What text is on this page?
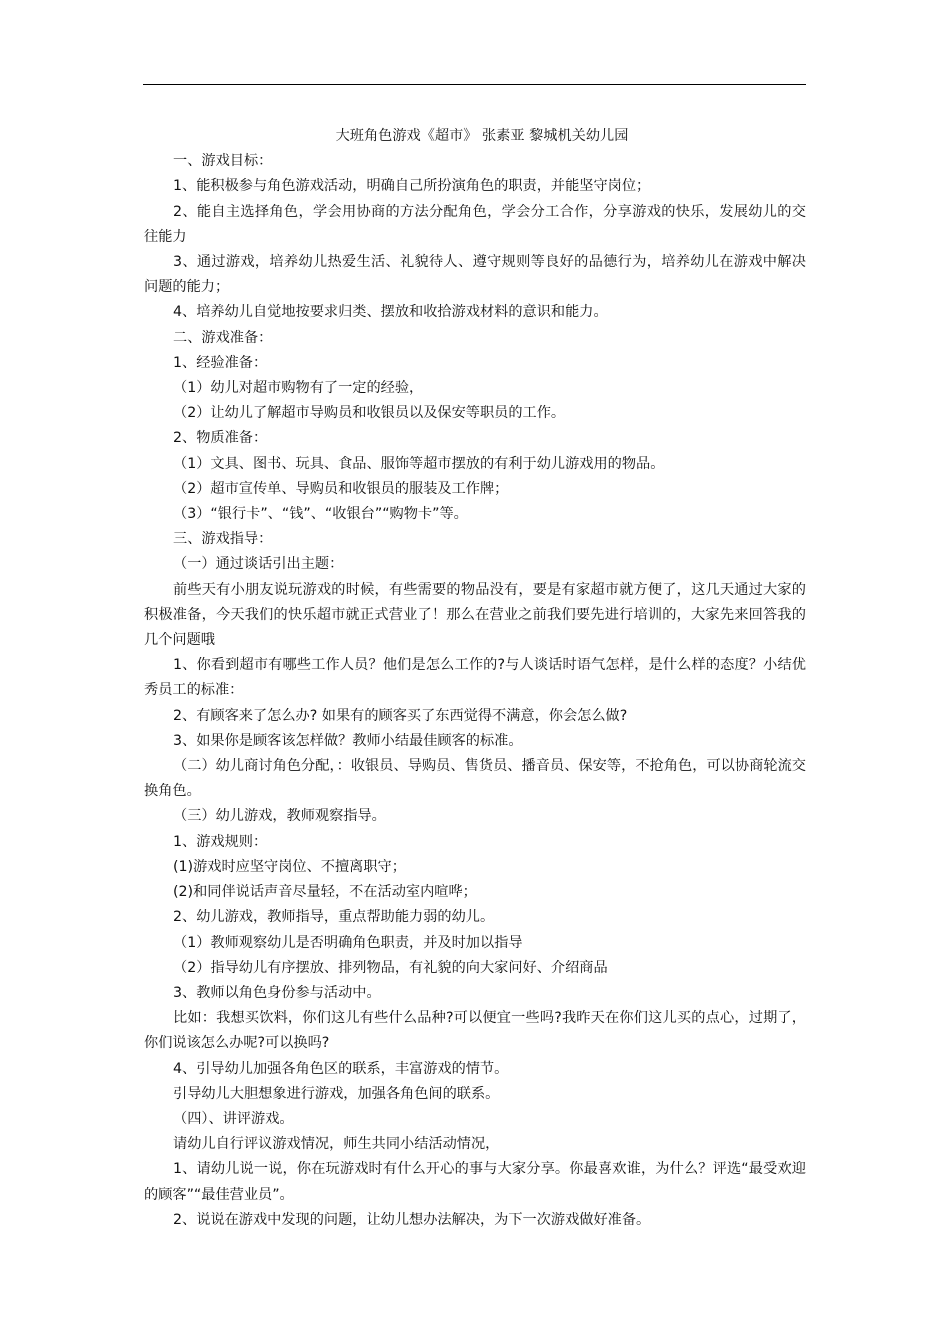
大班角色游戏《超市》 张素亚 黎城机关幼儿园

一、游戏目标：

1、能积极参与角色游戏活动，明确自己所扮演角色的职责，并能坚守岗位；

2、能自主选择角色，学会用协商的方法分配角色，学会分工合作，分享游戏的快乐，发展幼儿的交往能力

3、通过游戏，培养幼儿热爱生活、礼貌待人、遵守规则等良好的品德行为，培养幼儿在游戏中解决问题的能力；

4、培养幼儿自觉地按要求归类、摆放和收拾游戏材料的意识和能力。

二、游戏准备：

1、经验准备：

（1）幼儿对超市购物有了一定的经验，

（2）让幼儿了解超市导购员和收银员以及保安等职员的工作。

2、物质准备：

（1）文具、图书、玩具、食品、服饰等超市摆放的有利于幼儿游戏用的物品。

（2）超市宣传单、导购员和收银员的服装及工作牌；

（3）“银行卡”、“钱”、“收银台”“购物卡”等。

三、游戏指导：

（一）通过谈话引出主题：

前些天有小朋友说玩游戏的时候，有些需要的物品没有，要是有家超市就方便了，这几天通过大家的积极准备，今天我们的快乐超市就正式营业了！那么在营业之前我们要先进行培训的，大家先来回答我的几个问题哦

1、你看到超市有哪些工作人员？他们是怎么工作的?与人谈话时语气怎样，是什么样的态度？小结优秀员工的标准：

2、有顾客来了怎么办? 如果有的顾客买了东西觉得不满意，你会怎么做?

3、如果你是顾客该怎样做？教师小结最佳顾客的标准。

（二）幼儿商讨角色分配，：收银员、导购员、售货员、播音员、保安等，不抢角色，可以协商轮流交换角色。

（三）幼儿游戏，教师观察指导。

1、游戏规则：

(1)游戏时应坚守岗位、不擅离职守；

(2)和同伴说话声音尽量轻，不在活动室内喧哗；

2、幼儿游戏，教师指导，重点帮助能力弱的幼儿。

（1）教师观察幼儿是否明确角色职责，并及时加以指导

（2）指导幼儿有序摆放、排列物品，有礼貌的向大家问好、介绍商品

3、教师以角色身份参与活动中。

比如：我想买饮料，你们这儿有些什么品种?可以便宜一些吗?我昨天在你们这儿买的点心，过期了，你们说该怎么办呢?可以换吗?

4、引导幼儿加强各角色区的联系，丰富游戏的情节。

引导幼儿大胆想象进行游戏，加强各角色间的联系。

（四）、讲评游戏。

请幼儿自行评议游戏情况，师生共同小结活动情况，

1、请幼儿说一说，你在玩游戏时有什么开心的事与大家分享。你最喜欢谁，为什么？评选“最受欢迎的顾客”“最佳营业员”。

2、说说在游戏中发现的问题，让幼儿想办法解决，为下一次游戏做好准备。
